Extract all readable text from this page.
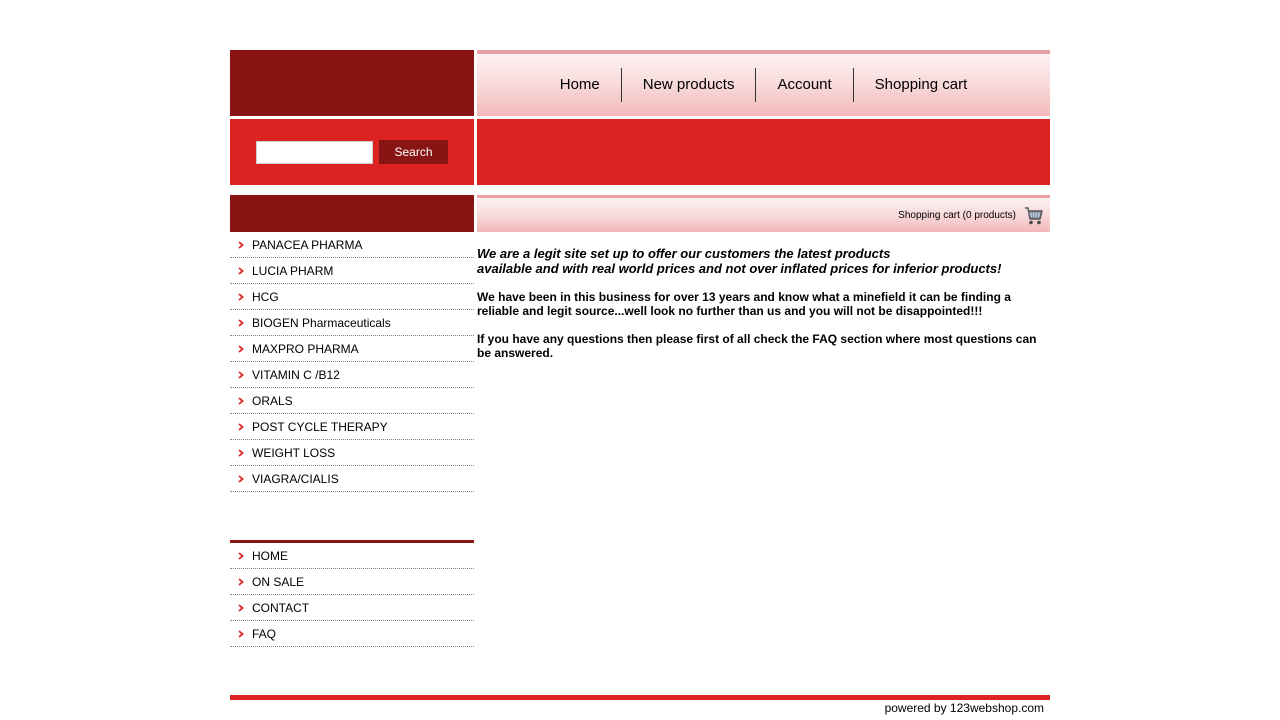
Home	New products	Account	Shopping cart
Search
Shopping cart (0 products)
PANACEA PHARMA
LUCIA PHARM
HCG
BIOGEN Pharmaceuticals
MAXPRO PHARMA
VITAMIN C /B12
ORALS
POST CYCLE THERAPY
WEIGHT LOSS
VIAGRA/CIALIS
HOME
ON SALE
CONTACT
FAQ
We are a legit site set up to offer our customers the latest products
available and with real world prices and not over inflated prices for inferior products!

We have been in this business for over 13 years and know what a minefield it can be finding a reliable and legit source...well look no further than us and you will not be disappointed!!!

If you have any questions then please first of all check the FAQ section where most questions can be answered.

powered by 123webshop.com
